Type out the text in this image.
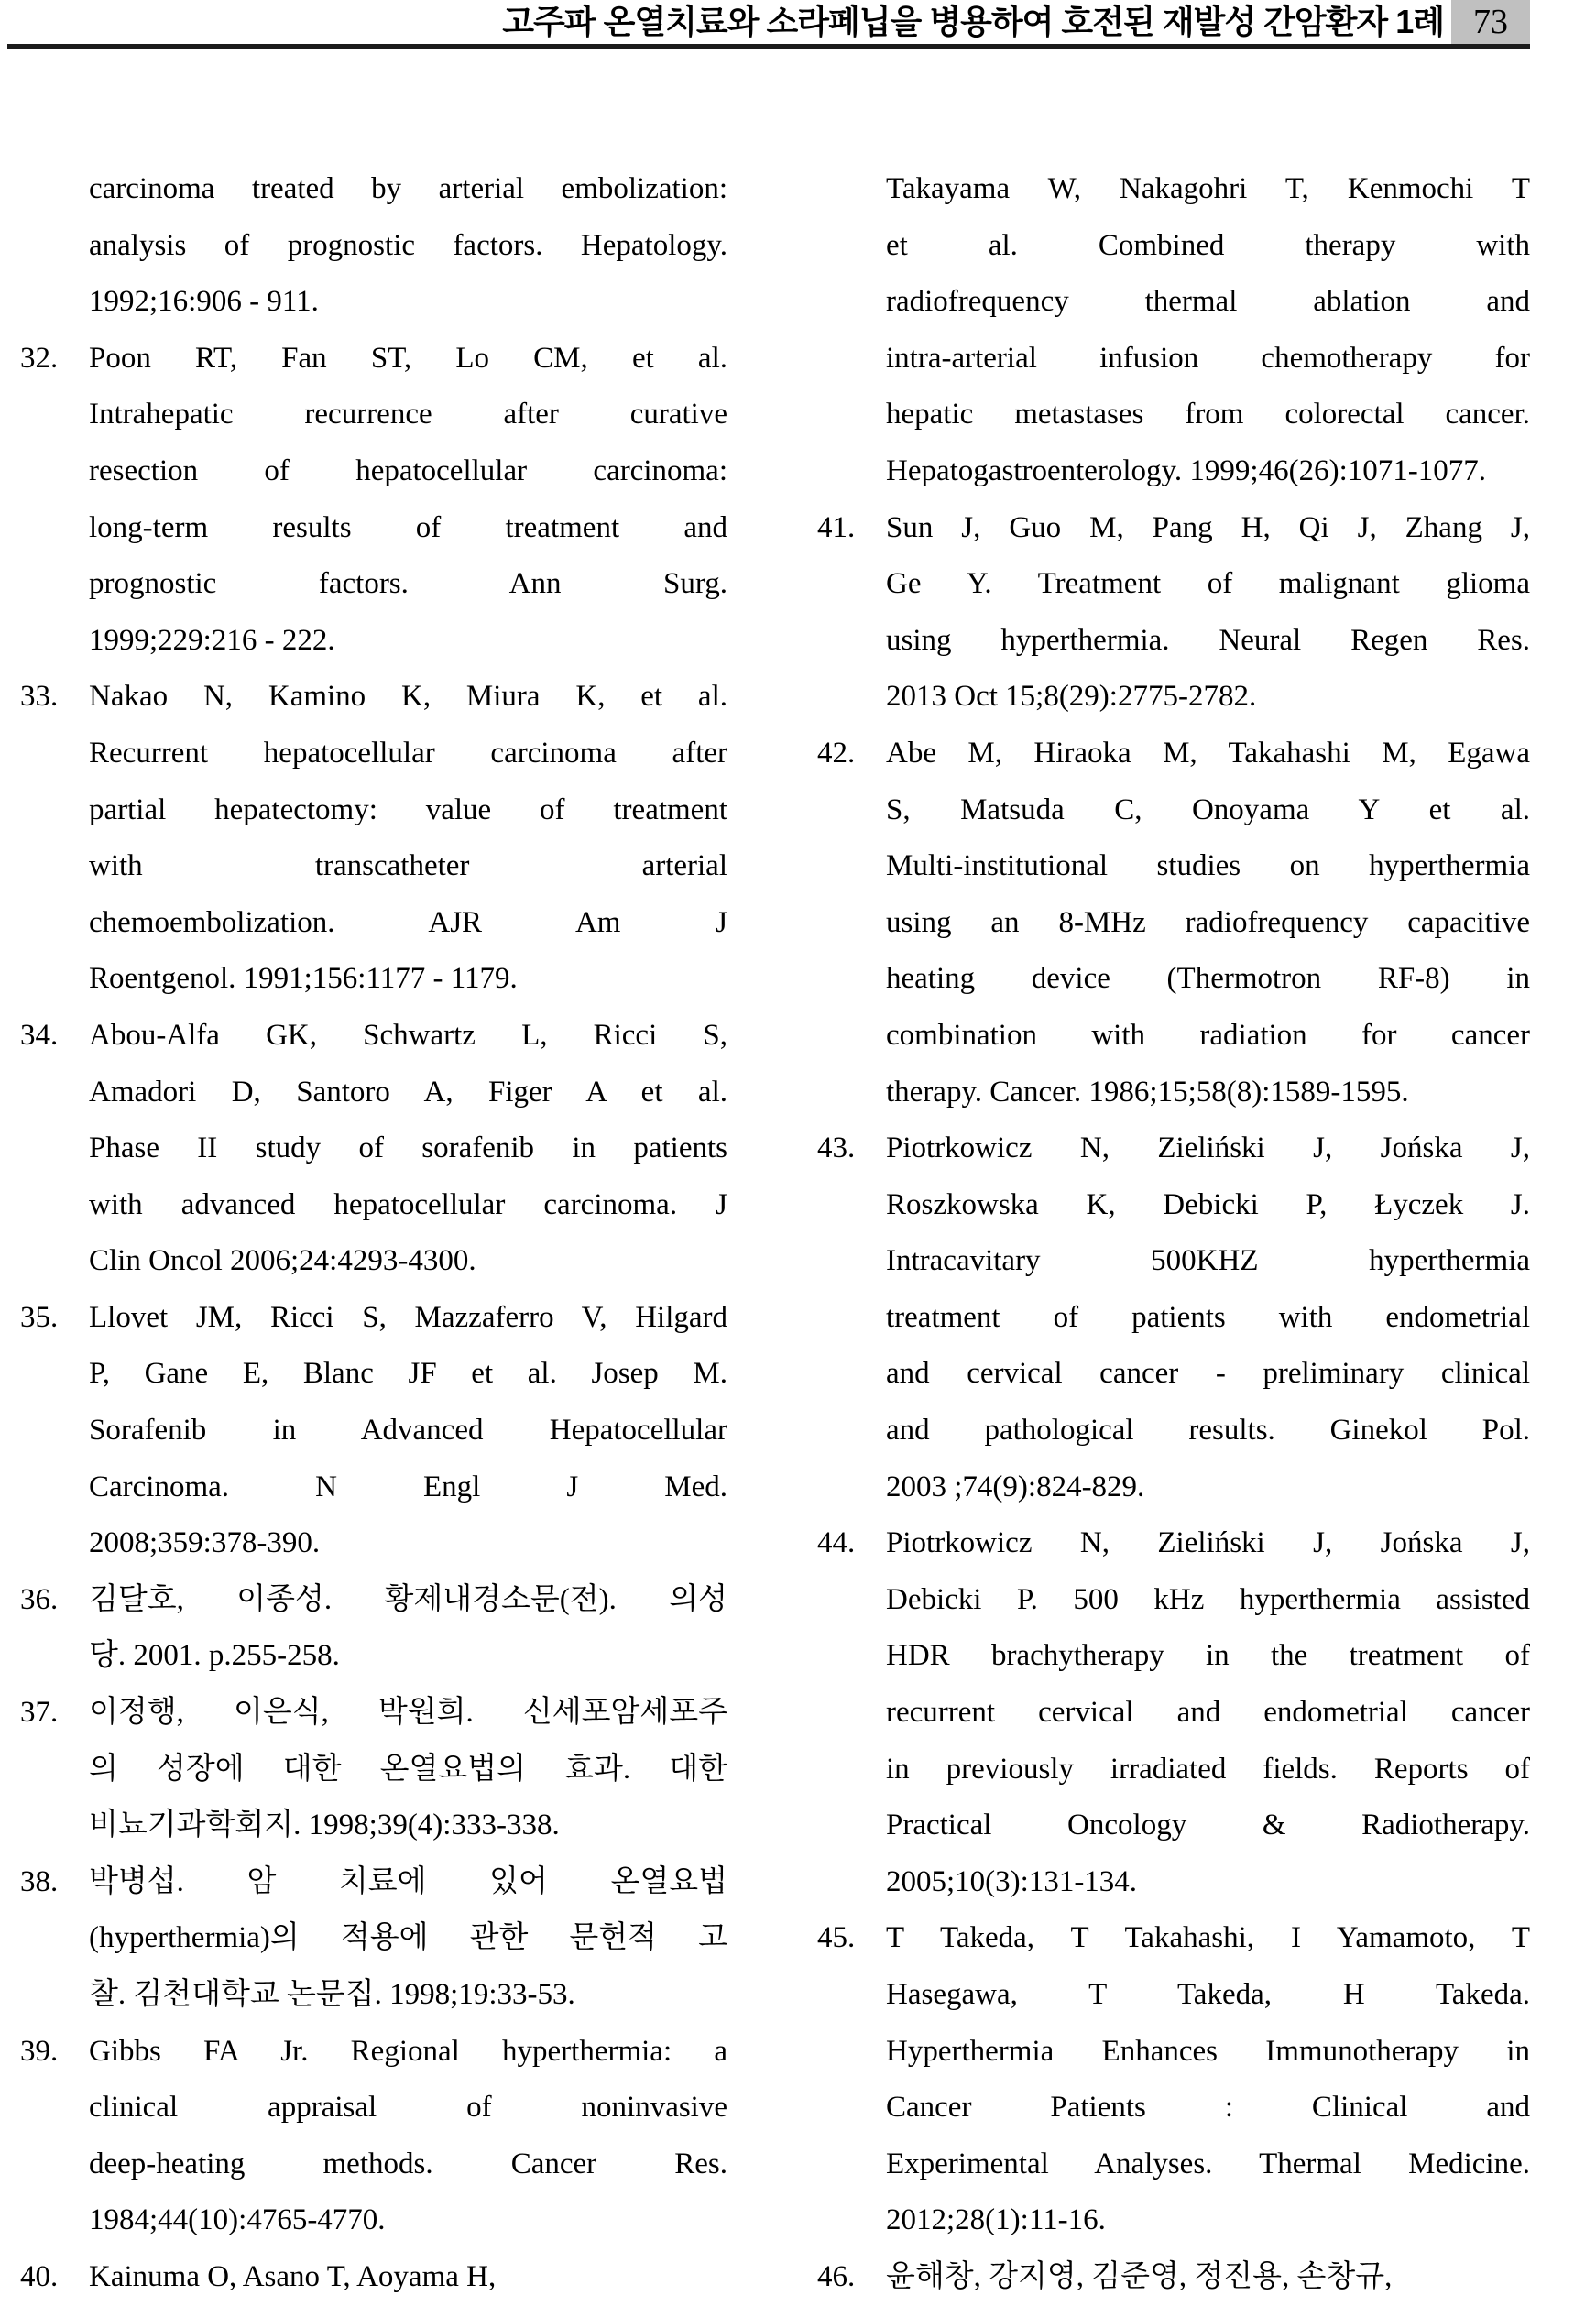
고주파 온열치료와 소라페닙을 병용하여 호전된 재발성 간암환자 1례 73
carcinoma treated by arterial embolization:
analysis of prognostic factors. Hepatology.
1992;16:906 - 911.
32. Poon RT, Fan ST, Lo CM, et al.
Intrahepatic recurrence after curative
resection of hepatocellular carcinoma:
long-term results of treatment and
prognostic factors. Ann Surg.
1999;229:216 - 222.
33. Nakao N, Kamino K, Miura K, et al.
Recurrent hepatocellular carcinoma after
partial hepatectomy: value of treatment
with transcatheter arterial
chemoembolization. AJR Am J
Roentgenol. 1991;156:1177 - 1179.
34. Abou-Alfa GK, Schwartz L, Ricci S,
Amadori D, Santoro A, Figer A et al.
Phase II study of sorafenib in patients
with advanced hepatocellular carcinoma. J
Clin Oncol 2006;24:4293-4300.
35. Llovet JM, Ricci S, Mazzaferro V, Hilgard
P, Gane E, Blanc JF et al. Josep M.
Sorafenib in Advanced Hepatocellular
Carcinoma. N Engl J Med.
2008;359:378-390.
36. 김달호, 이종성. 황제내경소문(전). 의성
당. 2001. p.255-258.
37. 이정행, 이은식, 박원희. 신세포암세포주
의 성장에 대한 온열요법의 효과. 대한
비뇨기과학회지. 1998;39(4):333-338.
38. 박병섭. 암 치료에 있어 온열요법
(hyperthermia)의 적용에 관한 문헌적 고
찰. 김천대학교 논문집. 1998;19:33-53.
39. Gibbs FA Jr. Regional hyperthermia: a
clinical appraisal of noninvasive
deep-heating methods. Cancer Res.
1984;44(10):4765-4770.
40. Kainuma O, Asano T, Aoyama H,
Takayama W, Nakagohri T, Kenmochi T
et al. Combined therapy with
radiofrequency thermal ablation and
intra-arterial infusion chemotherapy for
hepatic metastases from colorectal cancer.
Hepatogastroenterology. 1999;46(26):1071-1077.
41. Sun J, Guo M, Pang H, Qi J, Zhang J,
Ge Y. Treatment of malignant glioma
using hyperthermia. Neural Regen Res.
2013 Oct 15;8(29):2775-2782.
42. Abe M, Hiraoka M, Takahashi M, Egawa
S, Matsuda C, Onoyama Y et al.
Multi-institutional studies on hyperthermia
using an 8-MHz radiofrequency capacitive
heating device (Thermotron RF-8) in
combination with radiation for cancer
therapy. Cancer. 1986;15;58(8):1589-1595.
43. Piotrkowicz N, Zieliński J, Jońska J,
Roszkowska K, Debicki P, Łyczek J.
Intracavitary 500KHZ hyperthermia
treatment of patients with endometrial
and cervical cancer - preliminary clinical
and pathological results. Ginekol Pol.
2003 ;74(9):824-829.
44. Piotrkowicz N, Zieliński J, Jońska J,
Debicki P. 500 kHz hyperthermia assisted
HDR brachytherapy in the treatment of
recurrent cervical and endometrial cancer
in previously irradiated fields. Reports of
Practical Oncology & Radiotherapy.
2005;10(3):131-134.
45. T Takeda, T Takahashi, I Yamamoto, T
Hasegawa, T Takeda, H Takeda.
Hyperthermia Enhances Immunotherapy in
Cancer Patients : Clinical and
Experimental Analyses. Thermal Medicine.
2012;28(1):11-16.
46. 윤해창, 강지영, 김준영, 정진용, 손창규,
